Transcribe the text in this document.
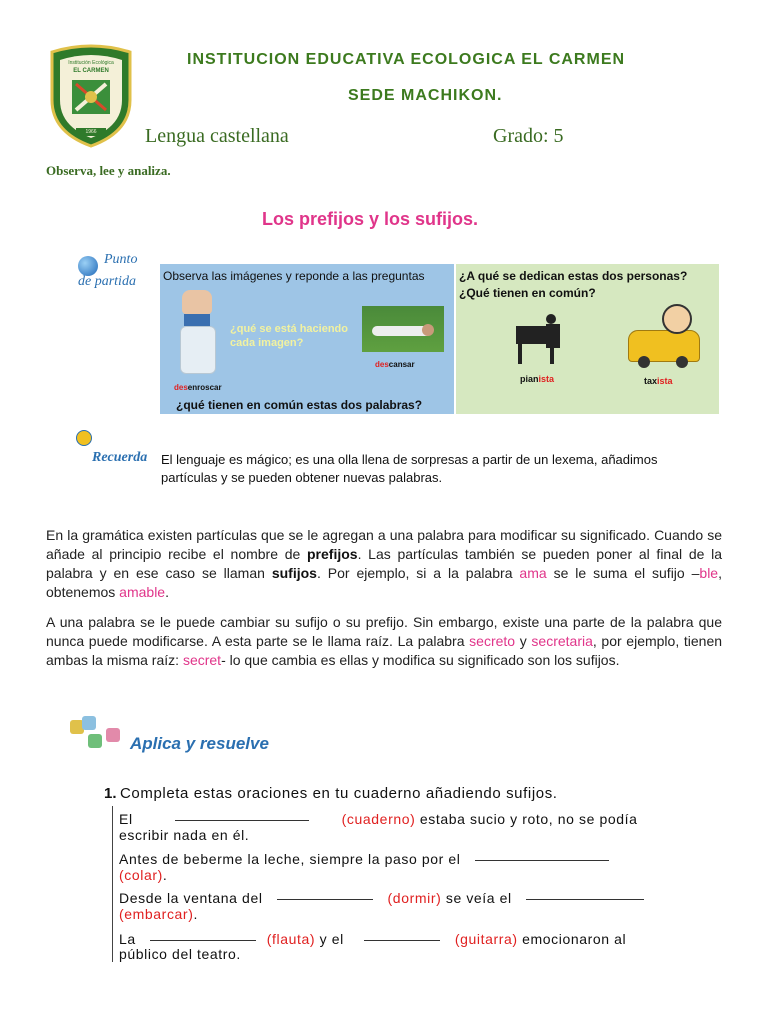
Institución Ecológica
EL CARMEN
1966
INSTITUCION EDUCATIVA ECOLOGICA EL CARMEN
SEDE MACHIKON.
Lengua castellana	Grado: 5
Observa, lee y analiza.
Los prefijos y los sufijos.
Punto
de partida Observa las imágenes y reponde a las preguntas
¿qué se está haciendo cada imagen?
descansar
desenroscar
¿qué tienen en común estas dos palabras?
¿A qué se dedican estas dos personas?
¿Qué tienen en común?
pianista	taxista
Recuerda El lenguaje es mágico; es una olla llena de sorpresas a partir de un lexema, añadimos
partículas y se pueden obtener nuevas palabras.
En la gramática existen partículas que se le agregan a una palabra para modificar su significado. Cuando se añade al principio recibe el nombre de prefijos. Las partículas también se pueden poner al final de la palabra y en ese caso se llaman sufijos. Por ejemplo, si a la palabra ama se le suma el sufijo –ble, obtenemos amable.
A una palabra se le puede cambiar su sufijo o su prefijo. Sin embargo, existe una parte de la palabra que nunca puede modificarse. A esta parte se le llama raíz. La palabra secreto y secretaria, por ejemplo, tienen ambas la misma raíz: secret- lo que cambia es ellas y modifica su significado son los sufijos.
Aplica y resuelve
1. Completa estas oraciones en tu cuaderno añadiendo sufijos.
El	(cuaderno) estaba sucio y roto, no se podía
escribir nada en él.
Antes de beberme la leche, siempre la paso por el
(colar).
Desde la ventana del	(dormir) se veía el
(embarcar).
La	(flauta) y el	(guitarra) emocionaron al
público del teatro.
